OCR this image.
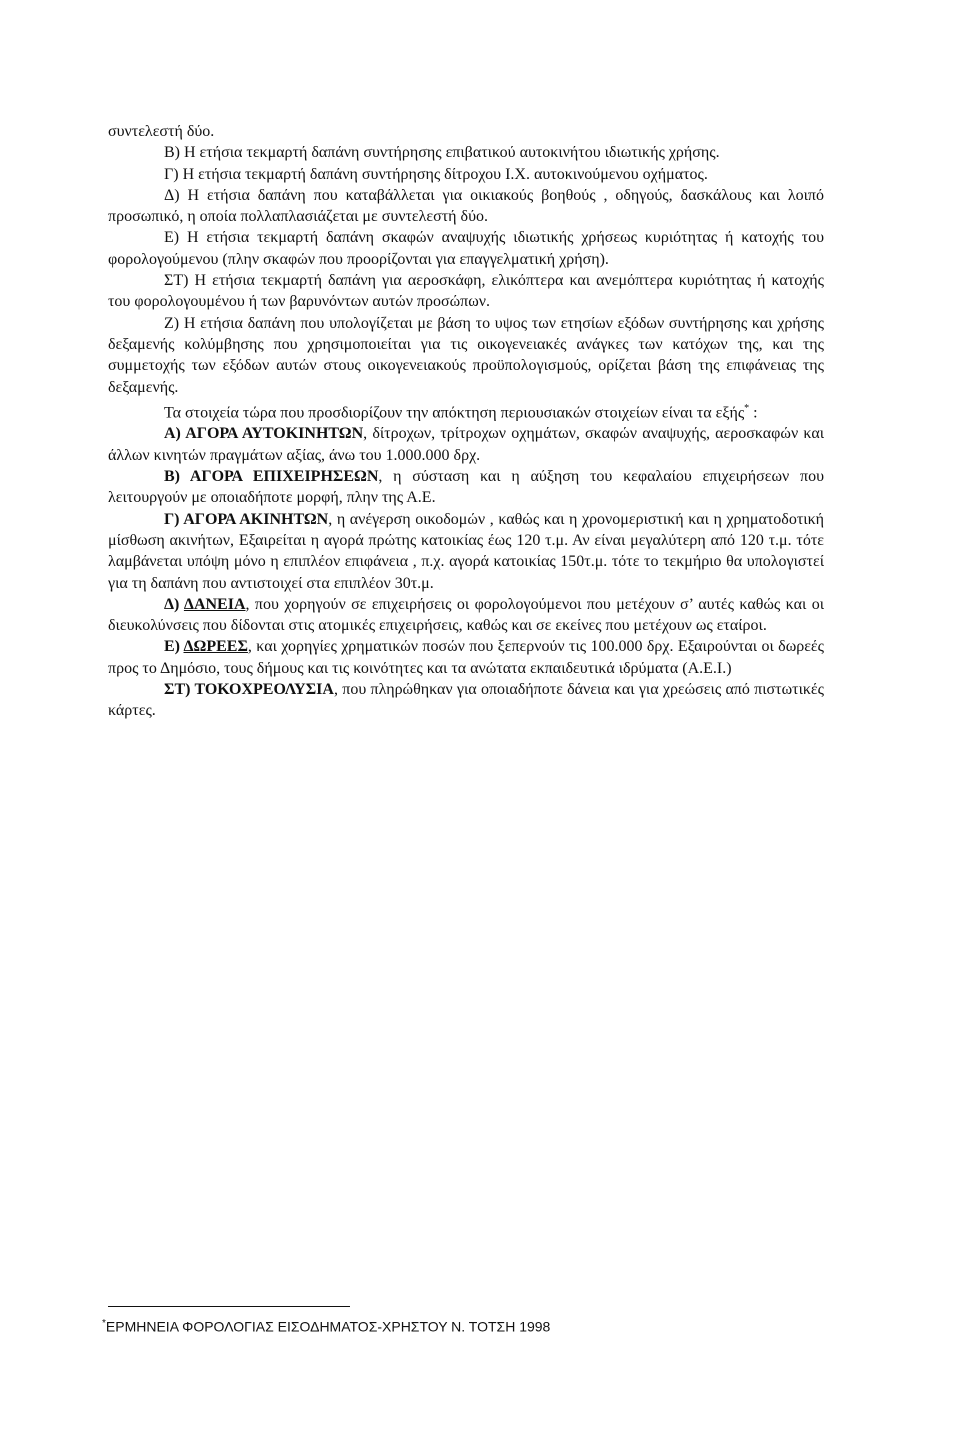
συντελεστή δύο.

Β) Η ετήσια τεκμαρτή δαπάνη συντήρησης επιβατικού αυτοκινήτου ιδιωτικής χρήσης.

Γ) Η ετήσια τεκμαρτή δαπάνη συντήρησης δίτροχου Ι.Χ. αυτοκινούμενου οχήματος.

Δ) Η ετήσια δαπάνη που καταβάλλεται για οικιακούς βοηθούς , οδηγούς, δασκάλους και λοιπό προσωπικό, η οποία πολλαπλασιάζεται με συντελεστή δύο.

Ε) Η ετήσια τεκμαρτή δαπάνη σκαφών αναψυχής ιδιωτικής χρήσεως κυριότητας ή κατοχής του φορολογούμενου (πλην σκαφών που προορίζονται για επαγγελματική χρήση).

ΣΤ) Η ετήσια τεκμαρτή δαπάνη για αεροσκάφη, ελικόπτερα και ανεμόπτερα κυριότητας ή κατοχής του φορολογουμένου ή των βαρυνόντων αυτών προσώπων.

Ζ) Η ετήσια δαπάνη που υπολογίζεται με βάση το υψος των ετησίων εξόδων συντήρησης και χρήσης δεξαμενής κολύμβησης που χρησιμοποιείται για τις οικογενειακές ανάγκες των κατόχων της, και της συμμετοχής των εξόδων αυτών στους οικογενειακούς προϋπολογισμούς, ορίζεται βάση της επιφάνειας της δεξαμενής.

Τα στοιχεία τώρα που προσδιορίζουν την απόκτηση περιουσιακών στοιχείων είναι τα εξής* :

Α) ΑΓΟΡΑ ΑΥΤΟΚΙΝΗΤΩΝ, δίτροχων, τρίτροχων οχημάτων, σκαφών αναψυχής, αεροσκαφών και άλλων κινητών πραγμάτων αξίας, άνω του 1.000.000 δρχ.

Β) ΑΓΟΡΑ ΕΠΙΧΕΙΡΗΣΕΩΝ, η σύσταση και η αύξηση του κεφαλαίου επιχειρήσεων που λειτουργούν με οποιαδήποτε μορφή, πλην της Α.Ε.

Γ) ΑΓΟΡΑ ΑΚΙΝΗΤΩΝ, η ανέγερση οικοδομών , καθώς και η χρονομεριστική και η χρηματοδοτική μίσθωση ακινήτων, Εξαιρείται η αγορά πρώτης κατοικίας έως 120 τ.μ. Αν είναι μεγαλύτερη από 120 τ.μ. τότε λαμβάνεται υπόψη μόνο η επιπλέον επιφάνεια , π.χ. αγορά κατοικίας 150τ.μ. τότε το τεκμήριο θα υπολογιστεί για τη δαπάνη που αντιστοιχεί στα επιπλέον 30τ.μ.

Δ) ΔΑΝΕΙΑ, που χορηγούν σε επιχειρήσεις οι φορολογούμενοι που μετέχουν σ’ αυτές καθώς και οι διευκολύνσεις που δίδονται στις ατομικές επιχειρήσεις, καθώς και σε εκείνες που μετέχουν ως εταίροι.

Ε) ΔΩΡΕΕΣ, και χορηγίες χρηματικών ποσών που ξεπερνούν τις 100.000 δρχ. Εξαιρούνται οι δωρεές προς το Δημόσιο, τους δήμους και τις κοινότητες και τα ανώτατα εκπαιδευτικά ιδρύματα (Α.Ε.Ι.)

ΣΤ) ΤΟΚΟΧΡΕΟΛΥΣΙΑ, που πληρώθηκαν για οποιαδήποτε δάνεια και για χρεώσεις από πιστωτικές κάρτες.

*ΕΡΜΗΝΕΙΑ ΦΟΡΟΛΟΓΙΑΣ ΕΙΣΟΔΗΜΑΤΟΣ-ΧΡΗΣΤΟΥ Ν. ΤΟΤΣΗ 1998
